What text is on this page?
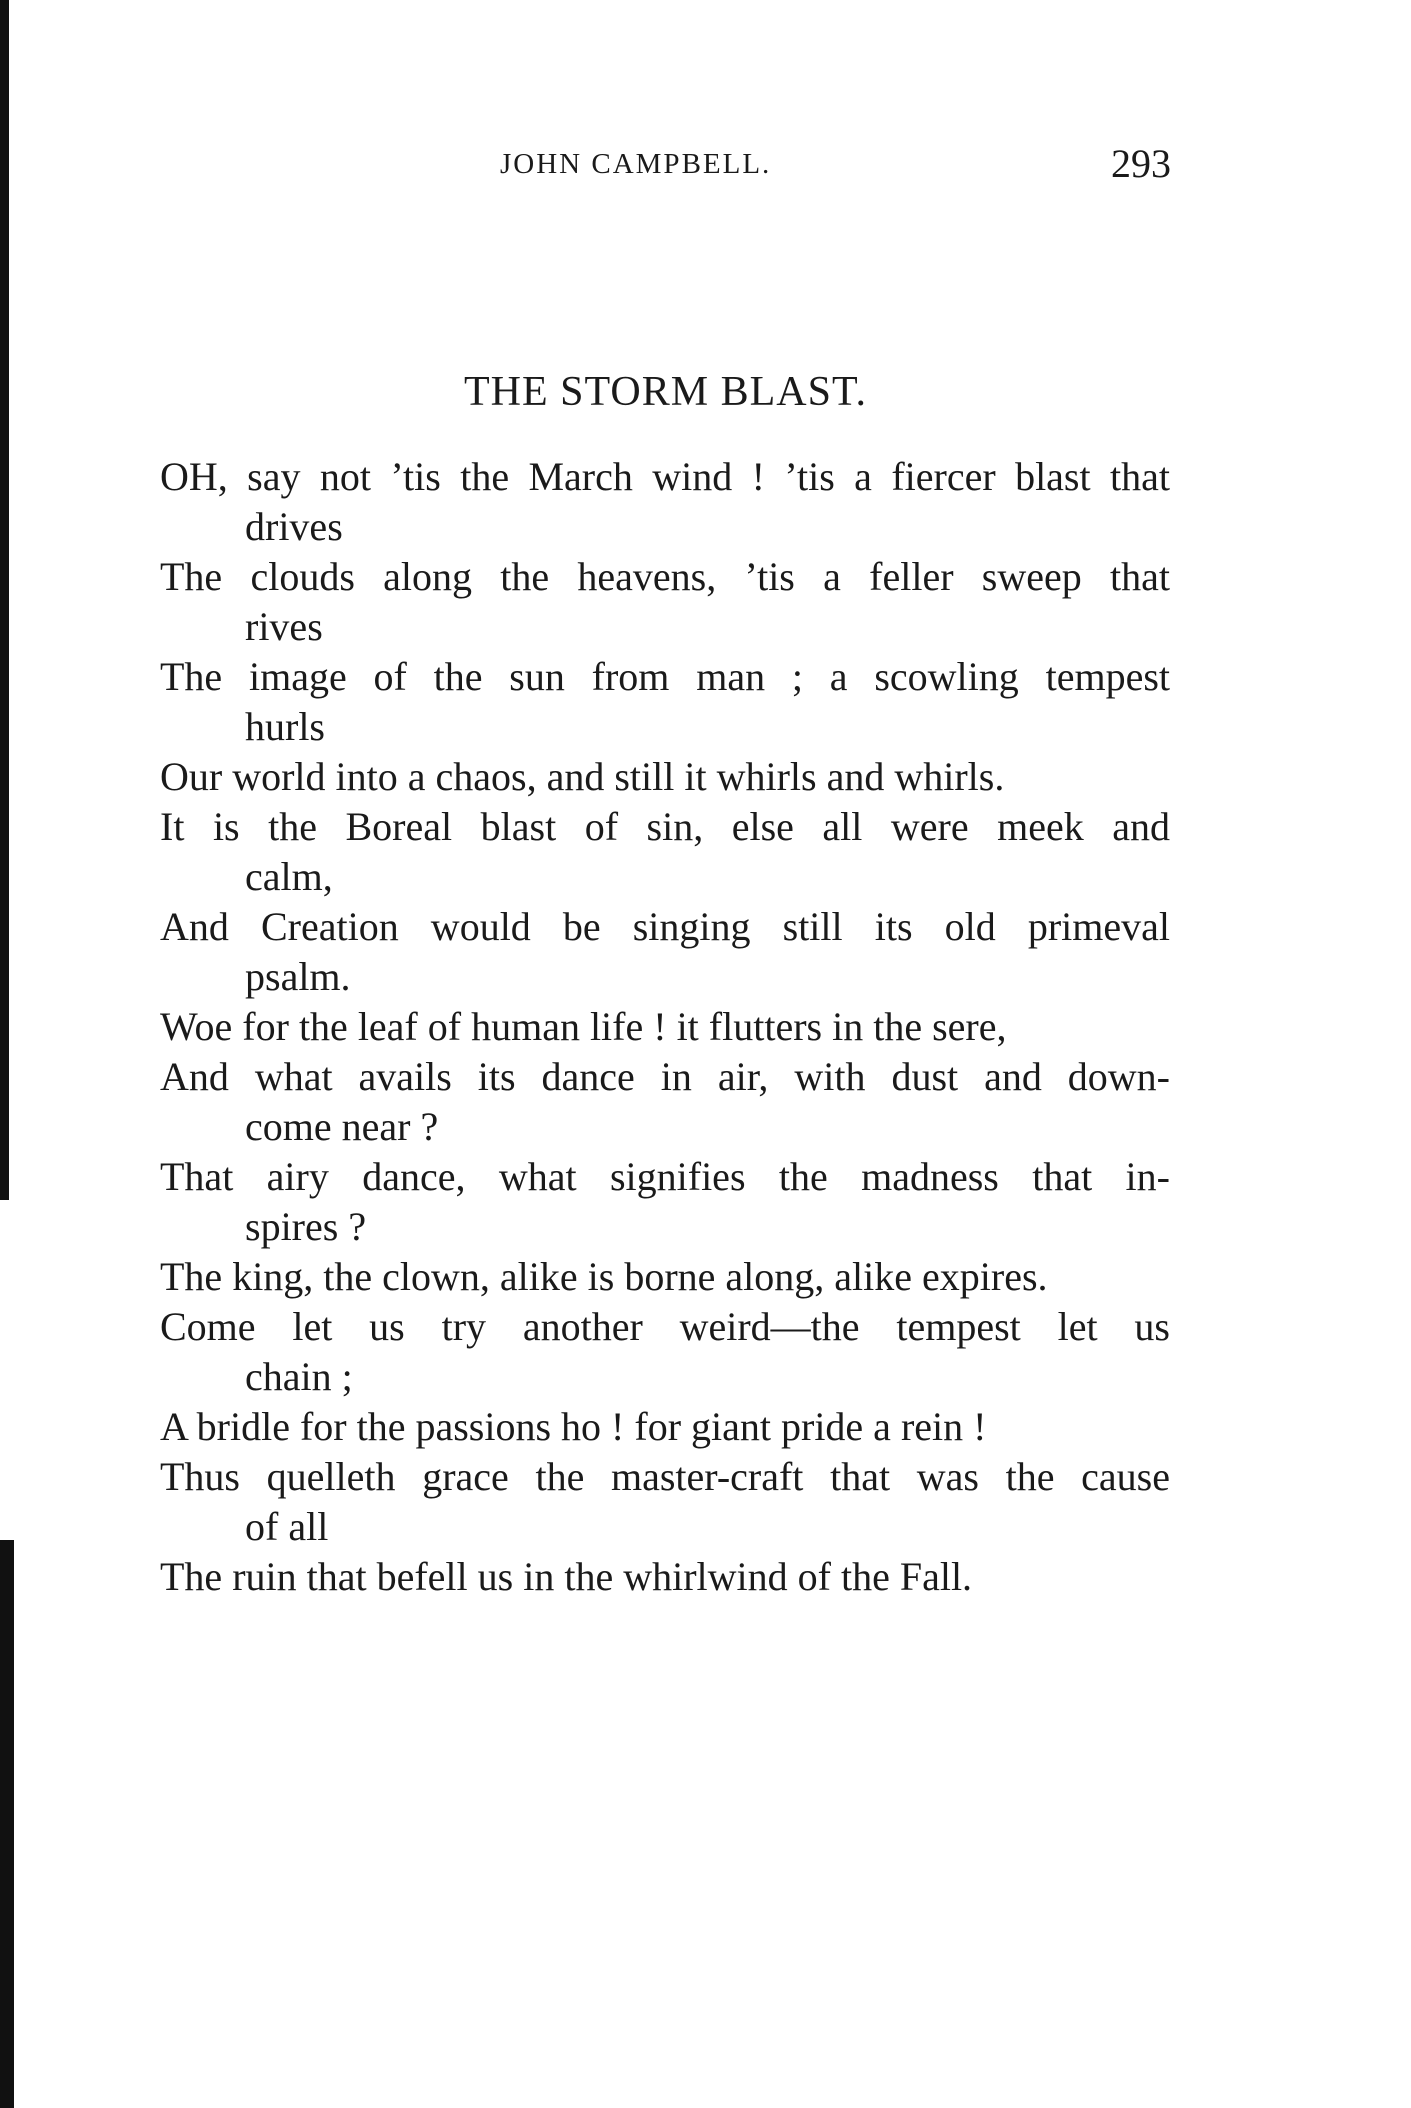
JOHN CAMPBELL.	293
THE STORM BLAST.

OH, say not ’tis the March wind ! ’tis a fiercer blast that
drives

The clouds along the heavens, ’tis a feller sweep that
rives

The image of the sun from man ; a scowling tempest
hurls

Our world into a chaos, and still it whirls and whirls.

It is the Boreal blast of sin, else all were meek and
calm,

And Creation would be singing still its old primeval
psalm.

Woe for the leaf of human life ! it flutters in the sere,

And what avails its dance in air, with dust and down-
come near ?

That airy dance, what signifies the madness that in-
spires ?

The king, the clown, alike is borne along, alike expires.

Come let us try another weird—the tempest let us
chain ;

A bridle for the passions ho ! for giant pride a rein !

Thus quelleth grace the master-craft that was the cause
of all

The ruin that befell us in the whirlwind of the Fall.
